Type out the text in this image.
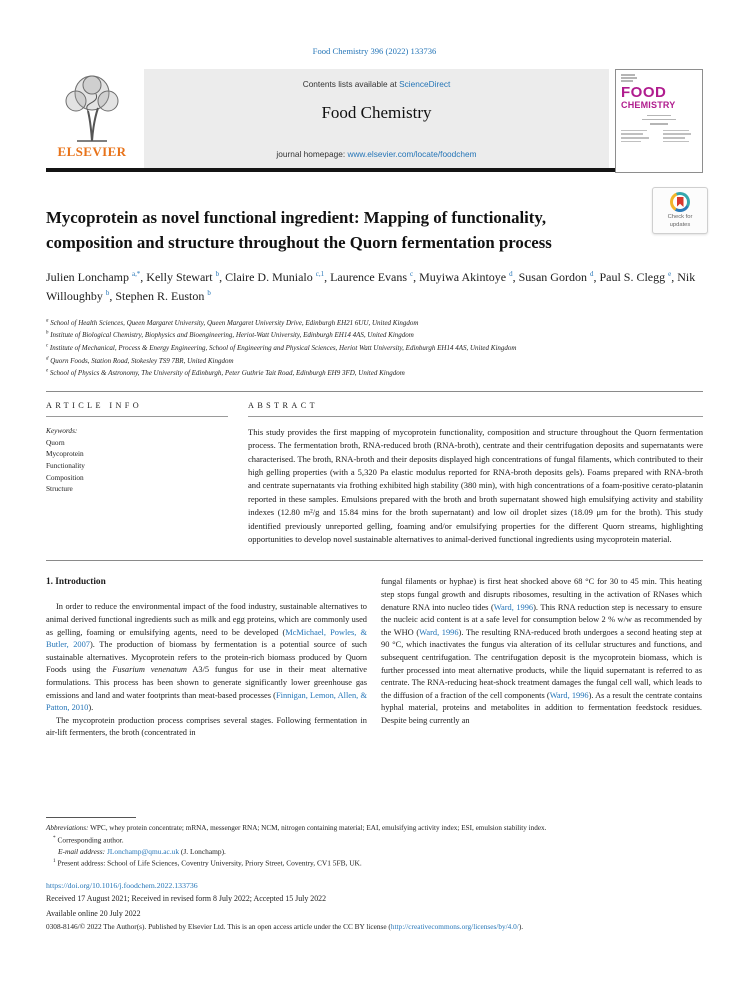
Food Chemistry 396 (2022) 133736
ELSEVIER
Contents lists available at ScienceDirect
Food Chemistry
journal homepage: www.elsevier.com/locate/foodchem
FOOD
CHEMISTRY
Mycoprotein as novel functional ingredient: Mapping of functionality,
composition and structure throughout the Quorn fermentation process
Julien Lonchamp $^{a,*}$, Kelly Stewart $^b$, Claire D. Munialo $^{c,1}$, Laurence Evans $^c$, Muyiwa Akintoye $^d$, Susan Gordon $^d$, Paul S. Clegg $^e$, Nik Willoughby $^b$, Stephen R. Euston $^b$
$^a$ School of Health Sciences, Queen Margaret University, Queen Margaret University Drive, Edinburgh EH21 6UU, United Kingdom
$^b$ Institute of Biological Chemistry, Biophysics and Bioengineering, Heriot-Watt University, Edinburgh EH14 4AS, United Kingdom
$^c$ Institute of Mechanical, Process & Energy Engineering, School of Engineering and Physical Sciences, Heriot Watt University, Edinburgh EH14 4AS, United Kingdom
$^d$ Quorn Foods, Station Road, Stokesley TS9 7BR, United Kingdom
$^e$ School of Physics & Astronomy, The University of Edinburgh, Peter Guthrie Tait Road, Edinburgh EH9 3FD, United Kingdom
ARTICLE INFO
Keywords:
Quorn
Mycoprotein
Functionality
Composition
Structure
ABSTRACT
This study provides the first mapping of mycoprotein functionality, composition and structure throughout the Quorn fermentation process. The fermentation broth, RNA-reduced broth (RNA-broth), centrate and their centrifugation deposits and supernatants were characterised. The broth, RNA-broth and their deposits displayed high concentrations of fungal filaments, which contributed to their high gelling properties (with a 5,320 Pa elastic modulus reported for RNA-broth deposits gels). Foams prepared with RNA-broth and centrate supernatants via frothing exhibited high stability (380 min), with high concentrations of a foam-positive cerato-platanin reported in these samples. Emulsions prepared with the broth and broth supernatant showed high emulsifying activity and stability indexes (12.80 m²/g and 15.84 mins for the broth supernatant) and low oil droplet sizes (18.09 μm for the broth). This study identified previously unreported gelling, foaming and/or emulsifying properties for the different Quorn streams, highlighting opportunities to develop novel sustainable alternatives to animal-derived functional ingredients using mycoprotein material.
1. Introduction

In order to reduce the environmental impact of the food industry, sustainable alternatives to animal derived functional ingredients such as milk and egg proteins, which are commonly used as gelling, foaming or emulsifying agents, need to be developed (McMichael, Powles, & Butler, 2007). The production of biomass by fermentation is a potential source of such sustainable alternatives. Mycoprotein refers to the protein-rich biomass produced by Quorn Foods using the Fusarium venenatum A3/5 fungus for use in their meat alternative formulations. This process has been shown to generate significantly lower greenhouse gas emissions and land and water footprints than meat-based processes (Finnigan, Lemon, Allen, & Patton, 2010).

The mycoprotein production process comprises several stages. Following fermentation in air-lift fermenters, the broth (concentrated in

fungal filaments or hyphae) is first heat shocked above 68 °C for 30 to 45 min. This heating step stops fungal growth and disrupts ribosomes, resulting in the activation of RNases which denature RNA into nucleo tides (Ward, 1996). This RNA reduction step is necessary to ensure the nucleic acid content is at a safe level for consumption below 2 % w/w as recommended by the WHO (Ward, 1996). The resulting RNA-reduced broth undergoes a second heating step at 90 °C, which inactivates the fungus via alteration of its cellular structures and functions, and subsequent centrifugation. The centrifugation deposit is the mycoprotein biomass, which is further processed into meat alternative products, while the liquid supernatant is referred to as centrate. The RNA-reducing heat-shock treatment damages the fungal cell wall, which leads to the diffusion of a fraction of the cell components (Ward, 1996). As a result the centrate contains hyphal material, proteins and metabolites in addition to fermentation feedstock residues. Despite being currently an

Check for
updates
Abbreviations: WPC, whey protein concentrate; mRNA, messenger RNA; NCM, nitrogen containing material; EAI, emulsifying activity index; ESI, emulsion stability index.
* Corresponding author.
E-mail address: JLonchamp@qmu.ac.uk (J. Lonchamp).
$^1$ Present address: School of Life Sciences, Coventry University, Priory Street, Coventry, CV1 5FB, UK.
https://doi.org/10.1016/j.foodchem.2022.133736
Received 17 August 2021; Received in revised form 8 July 2022; Accepted 15 July 2022
Available online 20 July 2022
0308-8146/© 2022 The Author(s). Published by Elsevier Ltd. This is an open access article under the CC BY license (http://creativecommons.org/licenses/by/4.0/).
